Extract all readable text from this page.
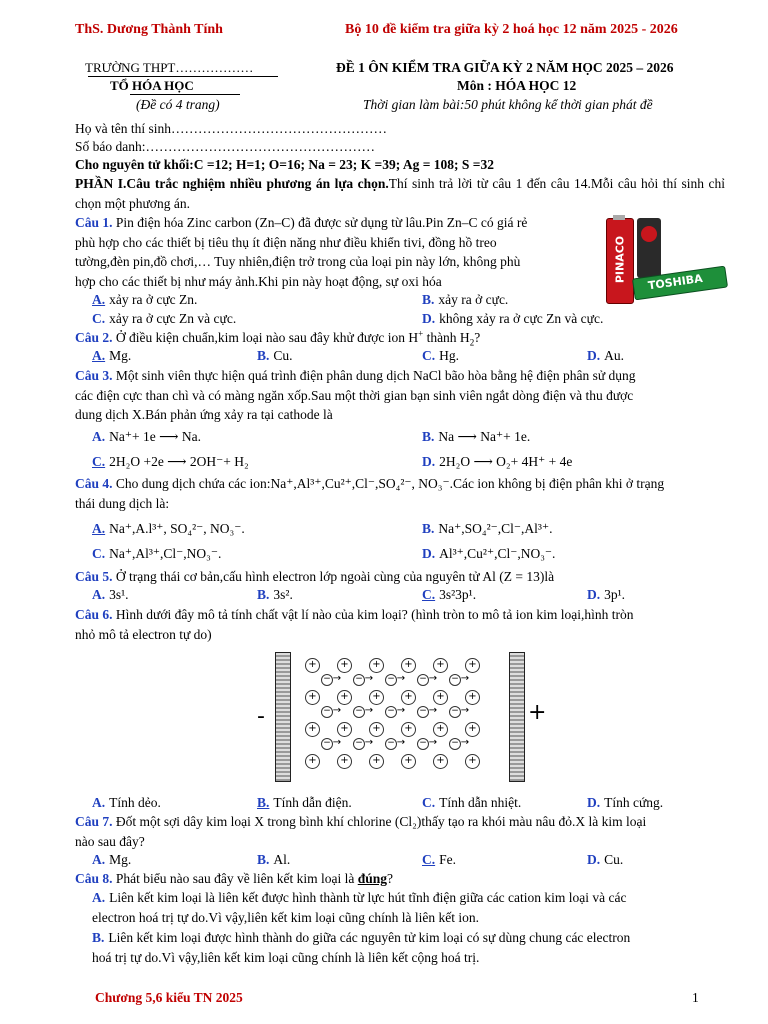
ThS. Dương Thành Tính	Bộ 10 đề kiểm tra giữa kỳ 2 hoá học 12 năm 2025 - 2026
TRƯỜNG THPT………………
TỔ HÓA HỌC
(Đề có 4 trang)
ĐỀ 1 ÔN KIỂM TRA GIỮA KỲ 2 NĂM HỌC 2025 – 2026
Môn : HÓA HỌC 12
Thời gian làm bài:50 phút không kể thời gian phát đề
Họ và tên thí sinh…………………………………………
Số báo danh:……………………………………………
Cho nguyên tử khối:C =12; H=1; O=16; Na = 23; K =39; Ag = 108; S =32
PHẦN I.Câu trắc nghiệm nhiều phương án lựa chọn.Thí sinh trả lời từ câu 1 đến câu 14.Mỗi câu hỏi thí sinh chỉ chọn một phương án.
Câu 1. Pin điện hóa Zinc carbon (Zn–C) đã được sử dụng từ lâu.Pin Zn–C có giá rẻ
phù hợp cho các thiết bị tiêu thụ ít điện năng như điều khiển tivi, đồng hồ treo
tường,đèn pin,đồ chơi,… Tuy nhiên,điện trở trong của loại pin này lớn, không phù
hợp cho các thiết bị như máy ảnh.Khi pin này hoạt động, sự oxi hóa	PINACO TOSHIBA
A. xảy ra ở cực Zn.	B. xảy ra ở cực.
C. xảy ra ở cực Zn và cực.	D. không xảy ra ở cực Zn và cực.
Câu 2. Ở điều kiện chuẩn,kim loại nào sau đây khử được ion H+ thành $H_2$?
A. Mg.	B. Cu.	C. Hg.	D. Au.
Câu 3. Một sinh viên thực hiện quá trình điện phân dung dịch NaCl bão hòa bằng hệ điện phân sử dụng
các điện cực than chì và có màng ngăn xốp.Sau một thời gian bạn sinh viên ngắt dòng điện và thu được
dung dịch X.Bán phản ứng xảy ra tại cathode là
A. Na⁺+ 1e ⟶ Na.	B. Na ⟶ Na⁺+ 1e.
C. 2H₂O +2e ⟶ 2OH⁻+ H₂	D. 2H₂O ⟶ O₂+ 4H⁺ + 4e
Câu 4. Cho dung dịch chứa các ion:Na⁺,Al³⁺,Cu²⁺,Cl⁻,SO₄²⁻, NO₃⁻.Các ion không bị điện phân khi ở trạng
thái dung dịch là:
A. Na⁺,A.l³⁺, SO₄²⁻, NO₃⁻.	B. Na⁺,SO₄²⁻,Cl⁻,Al³⁺.
C. Na⁺,Al³⁺,Cl⁻,NO₃⁻.	D. Al³⁺,Cu²⁺,Cl⁻,NO₃⁻.
Câu 5. Ở trạng thái cơ bản,cấu hình electron lớp ngoài cùng của nguyên tử Al (Z = 13)là
A. 3s¹.	B. 3s².	C. 3s²3p¹.	D. 3p¹.
Câu 6. Hình dưới đây mô tả tính chất vật lí nào của kim loại? (hình tròn to mô tả ion kim loại,hình tròn
nhỏ mô tả electron tự do)
-	+
+	+	+	+	+	+
− → − → − → − → − →
+	+	+	+	+	+
− → − → − → − → − →
+	+	+	+	+	+
− → − → − → − → − →
+	+	+	+	+	+
A. Tính dẻo.	B. Tính dẫn điện.	C. Tính dẫn nhiệt.	D. Tính cứng.
Câu 7. Đốt một sợi dây kim loại X trong bình khí chlorine (Cl₂)thấy tạo ra khói màu nâu đỏ.X là kim loại
nào sau đây?
A. Mg.	B. Al.	C. Fe.	D. Cu.
Câu 8. Phát biểu nào sau đây về liên kết kim loại là đúng?
A. Liên kết kim loại là liên kết được hình thành từ lực hút tĩnh điện giữa các cation kim loại và các
electron hoá trị tự do.Vì vậy,liên kết kim loại cũng chính là liên kết ion.
B. Liên kết kim loại được hình thành do giữa các nguyên tử kim loại có sự dùng chung các electron
hoá trị tự do.Vì vậy,liên kết kim loại cũng chính là liên kết cộng hoá trị.
Chương 5,6 kiểu TN 2025	1
